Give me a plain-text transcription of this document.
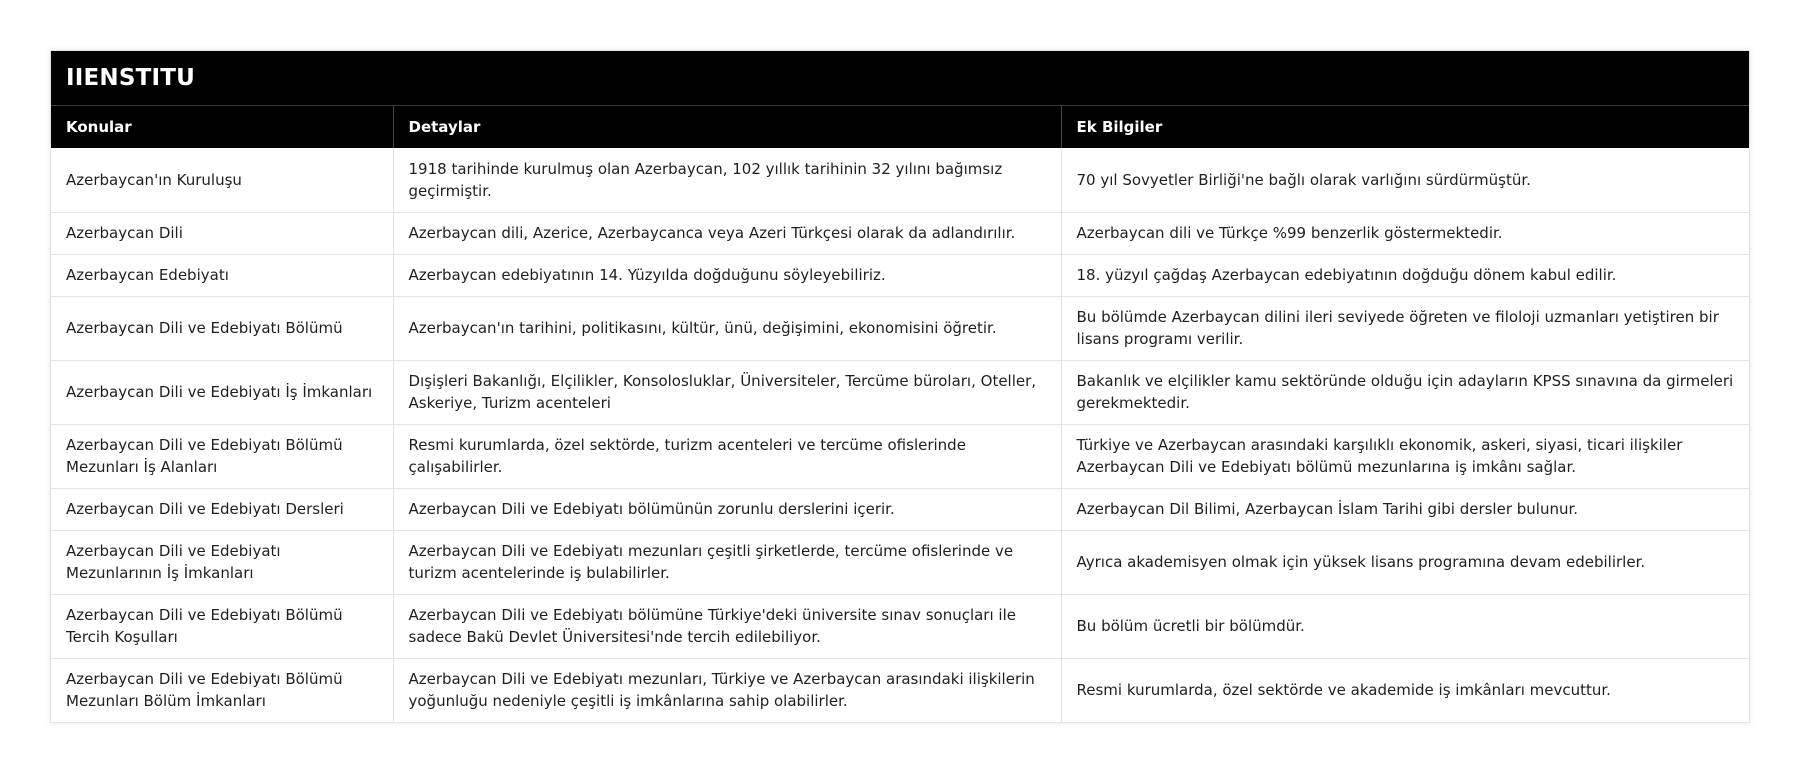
IIENSTITU
Konular	Detaylar	Ek Bilgiler
Azerbaycan'ın Kuruluşu	1918 tarihinde kurulmuş olan Azerbaycan, 102 yıllık tarihinin 32 yılını bağımsız geçirmiştir.	70 yıl Sovyetler Birliği'ne bağlı olarak varlığını sürdürmüştür.
Azerbaycan Dili	Azerbaycan dili, Azerice, Azerbaycanca veya Azeri Türkçesi olarak da adlandırılır.	Azerbaycan dili ve Türkçe %99 benzerlik göstermektedir.
Azerbaycan Edebiyatı	Azerbaycan edebiyatının 14. Yüzyılda doğduğunu söyleyebiliriz.	18. yüzyıl çağdaş Azerbaycan edebiyatının doğduğu dönem kabul edilir.
Azerbaycan Dili ve Edebiyatı Bölümü	Azerbaycan'ın tarihini, politikasını, kültür, ünü, değişimini, ekonomisini öğretir.	Bu bölümde Azerbaycan dilini ileri seviyede öğreten ve filoloji uzmanları yetiştiren bir lisans programı verilir.
Azerbaycan Dili ve Edebiyatı İş İmkanları	Dışişleri Bakanlığı, Elçilikler, Konsolosluklar, Üniversiteler, Tercüme büroları, Oteller, Askeriye, Turizm acenteleri	Bakanlık ve elçilikler kamu sektöründe olduğu için adayların KPSS sınavına da girmeleri gerekmektedir.
Azerbaycan Dili ve Edebiyatı Bölümü Mezunları İş Alanları	Resmi kurumlarda, özel sektörde, turizm acenteleri ve tercüme ofislerinde çalışabilirler.	Türkiye ve Azerbaycan arasındaki karşılıklı ekonomik, askeri, siyasi, ticari ilişkiler Azerbaycan Dili ve Edebiyatı bölümü mezunlarına iş imkânı sağlar.
Azerbaycan Dili ve Edebiyatı Dersleri	Azerbaycan Dili ve Edebiyatı bölümünün zorunlu derslerini içerir.	Azerbaycan Dil Bilimi, Azerbaycan İslam Tarihi gibi dersler bulunur.
Azerbaycan Dili ve Edebiyatı Mezunlarının İş İmkanları	Azerbaycan Dili ve Edebiyatı mezunları çeşitli şirketlerde, tercüme ofislerinde ve turizm acentelerinde iş bulabilirler.	Ayrıca akademisyen olmak için yüksek lisans programına devam edebilirler.
Azerbaycan Dili ve Edebiyatı Bölümü Tercih Koşulları	Azerbaycan Dili ve Edebiyatı bölümüne Türkiye'deki üniversite sınav sonuçları ile sadece Bakü Devlet Üniversitesi'nde tercih edilebiliyor.	Bu bölüm ücretli bir bölümdür.
Azerbaycan Dili ve Edebiyatı Bölümü Mezunları Bölüm İmkanları	Azerbaycan Dili ve Edebiyatı mezunları, Türkiye ve Azerbaycan arasındaki ilişkilerin yoğunluğu nedeniyle çeşitli iş imkânlarına sahip olabilirler.	Resmi kurumlarda, özel sektörde ve akademide iş imkânları mevcuttur.
